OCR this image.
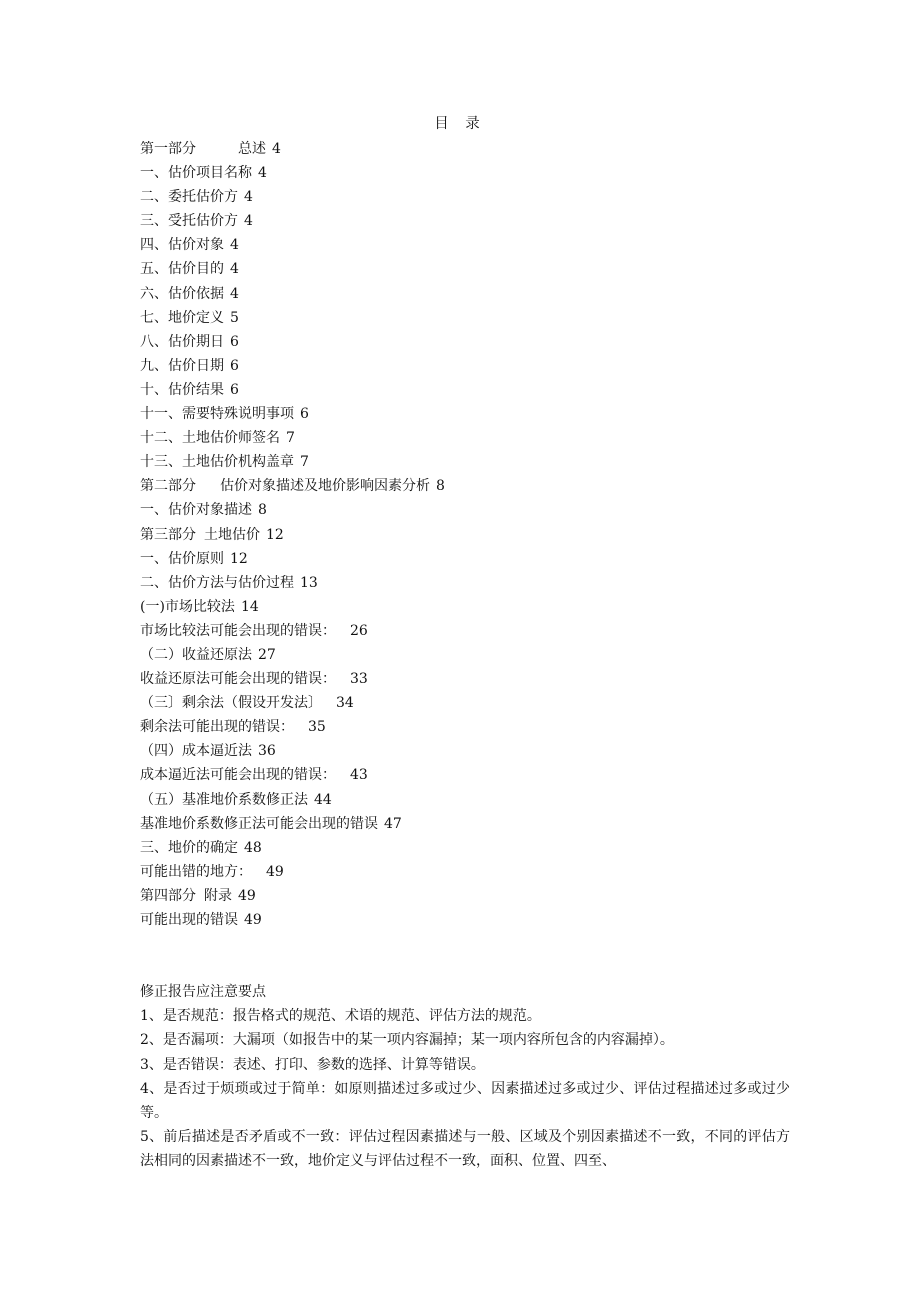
目 录
第一部分	总述 4
一、估价项目名称 4
二、委托估价方 4
三、受托估价方 4
四、估价对象 4
五、估价目的 4
六、估价依据 4
七、地价定义 5
八、估价期日 6
九、估价日期 6
十、估价结果 6
十一、需要特殊说明事项 6
十二、土地估价师签名 7
十三、土地估价机构盖章 7
第二部分 估价对象描述及地价影响因素分析 8
一、估价对象描述 8
第三部分 土地估价 12
一、估价原则 12
二、估价方法与估价过程 13
(一)市场比较法 14
市场比较法可能会出现的错误： 26
（二）收益还原法 27
收益还原法可能会出现的错误： 33
（三〕剩余法（假设开发法〕 34
剩余法可能出现的错误： 35
（四）成本逼近法 36
成本逼近法可能会出现的错误： 43
（五）基准地价系数修正法 44
基准地价系数修正法可能会出现的错误 47
三、地价的确定 48
可能出错的地方： 49
第四部分 附录 49
可能出现的错误 49
修正报告应注意要点
1、是否规范：报告格式的规范、术语的规范、评估方法的规范。
2、是否漏项：大漏项（如报告中的某一项内容漏掉；某一项内容所包含的内容漏掉）。
3、是否错误：表述、打印、参数的选择、计算等错误。
4、是否过于烦琐或过于简单：如原则描述过多或过少、因素描述过多或过少、评估过程描述过多或过少等。
5、前后描述是否矛盾或不一致：评估过程因素描述与一般、区域及个别因素描述不一致，不同的评估方法相同的因素描述不一致，地价定义与评估过程不一致，面积、位置、四至、
